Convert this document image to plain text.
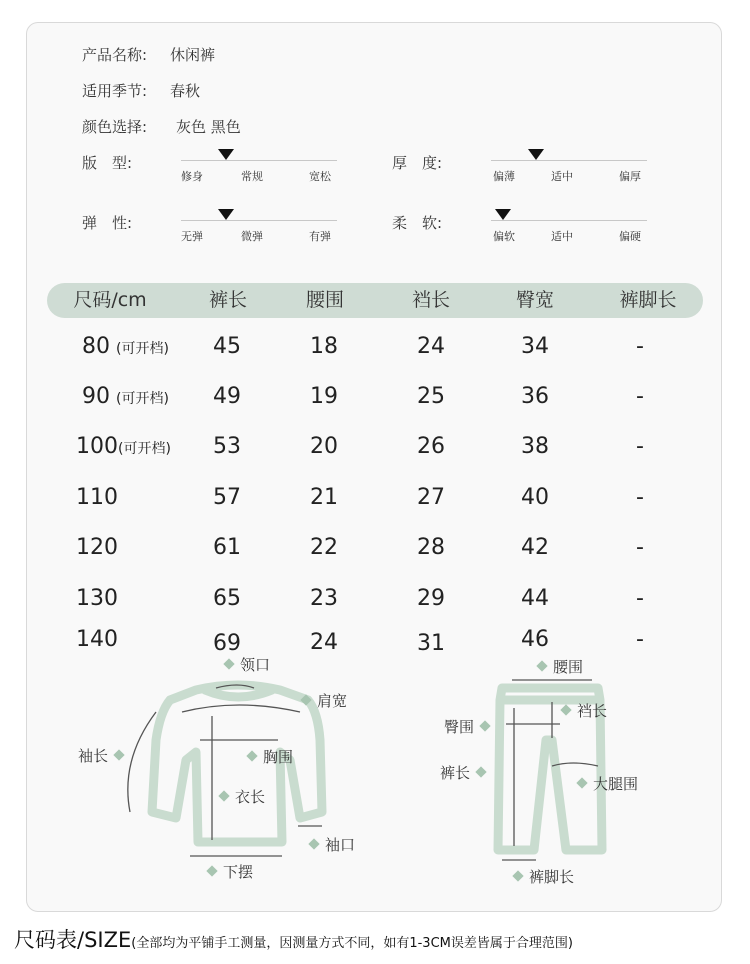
产品名称: 休闲裤
适用季节: 春秋
颜色选择: 灰色 黑色
版　型:
修身	常规	宽松
厚　度:
偏薄	适中	偏厚
弹　性:
无弹	微弹	有弹
柔　软:
偏软	适中	偏硬
尺码/cm	裤长	腰围	裆长	臀宽	裤脚长
80 (可开档) 45	18	24	34	-
90 (可开档) 49	19	25	36	-
100(可开档) 53	20	26	38	-
110	57	21	27	40	-
120	61	22	28	42	-
130	65	23	29	44	-
140	69	24	31	46	-
领口
肩宽
袖长	胸围
衣长
袖口
下摆
腰围
臀围
裆长
裤长
大腿围
裤脚长
尺码表/SIZE(全部均为平铺手工测量，因测量方式不同，如有1-3CM误差皆属于合理范围)
